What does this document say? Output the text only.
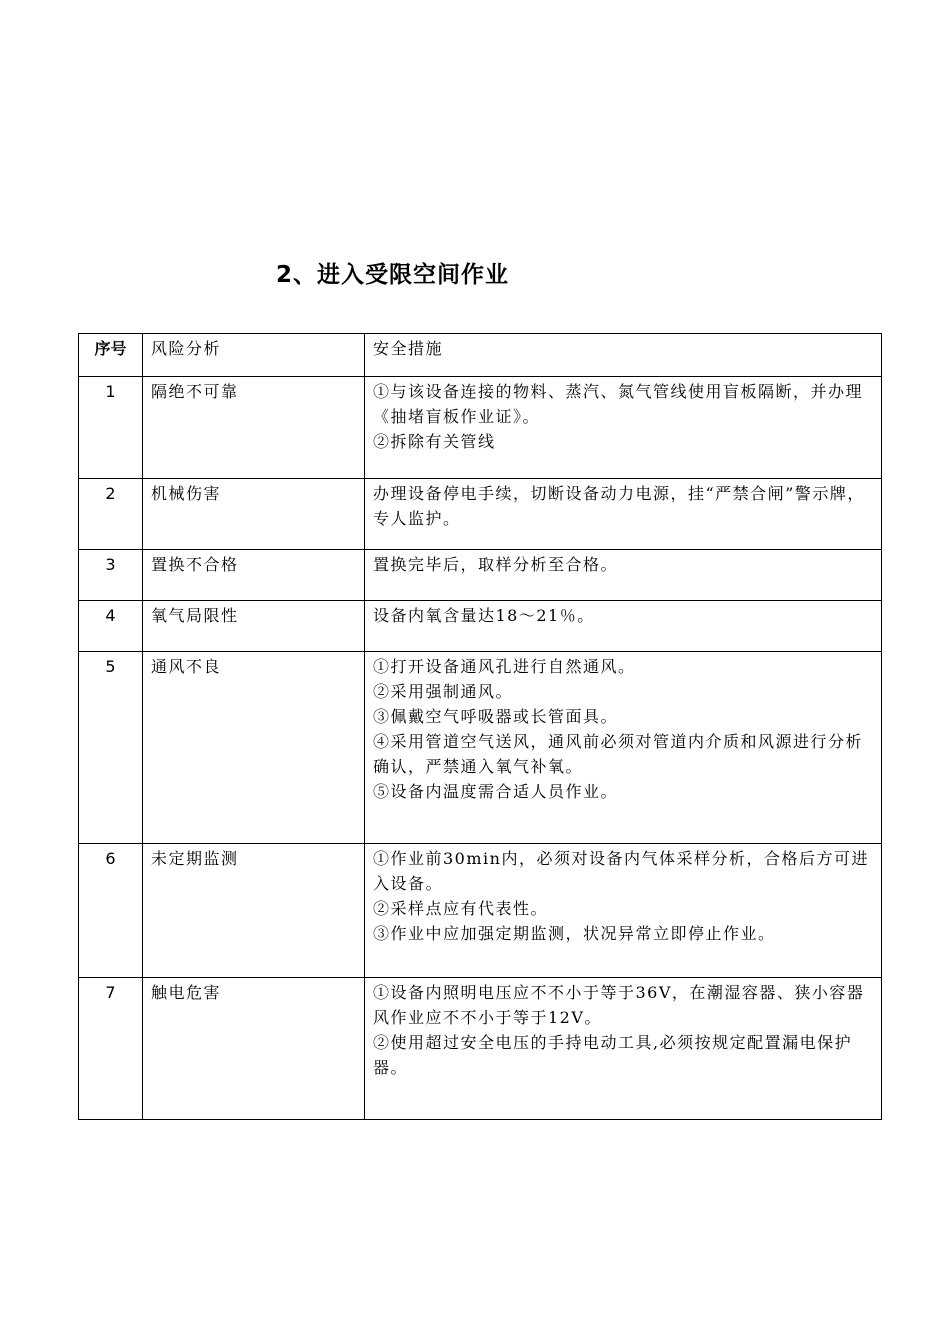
2、进入受限空间作业
序号	风险分析	安全措施
1	隔绝不可靠	①与该设备连接的物料、蒸汽、氮气管线使用盲板隔断，并办理《抽堵盲板作业证》。
②拆除有关管线

2	机械伤害	办理设备停电手续，切断设备动力电源，挂“严禁合闸”警示牌，专人监护。

3	置换不合格	置换完毕后，取样分析至合格。

4	氧气局限性	设备内氧含量达18～21％。

5	通风不良	①打开设备通风孔进行自然通风。
②采用强制通风。
③佩戴空气呼吸器或长管面具。
④采用管道空气送风，通风前必须对管道内介质和风源进行分析确认，严禁通入氧气补氧。
⑤设备内温度需合适人员作业。

6	未定期监测	①作业前30min内，必须对设备内气体采样分析，合格后方可进入设备。
②采样点应有代表性。
③作业中应加强定期监测，状况异常立即停止作业。

7	触电危害	①设备内照明电压应不不小于等于36V，在潮湿容器、狭小容器风作业应不不小于等于12V。
②使用超过安全电压的手持电动工具,必须按规定配置漏电保护器。
